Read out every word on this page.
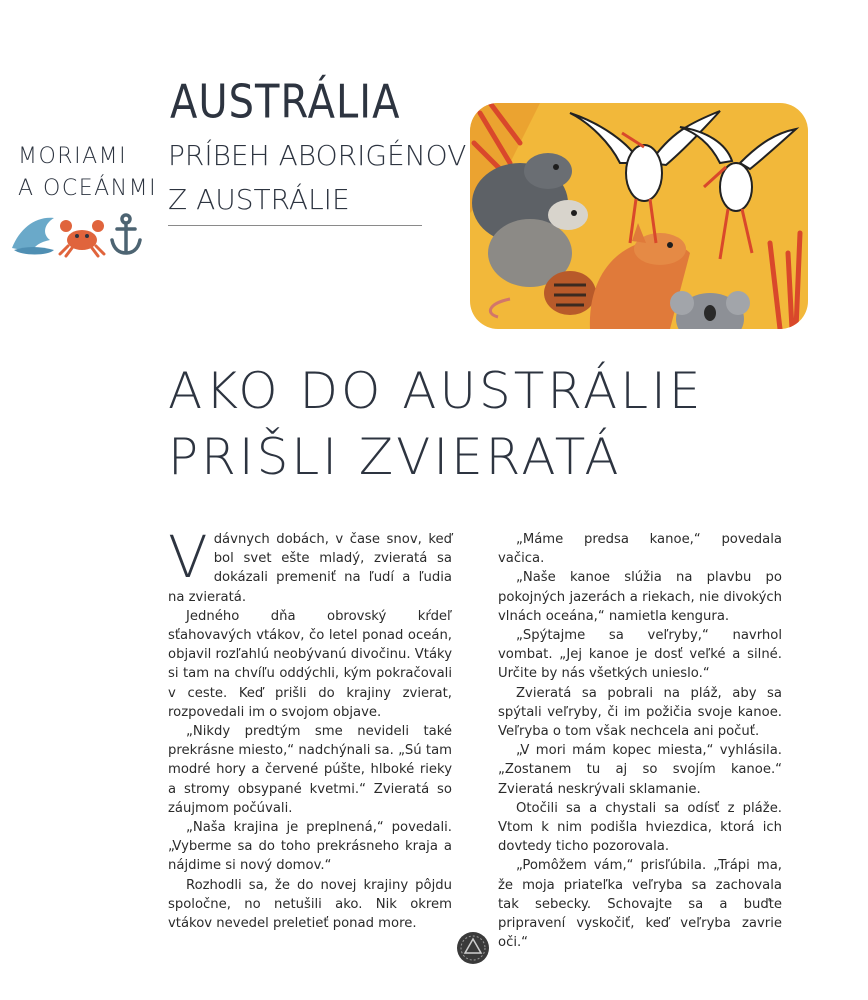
MORIAMI
A OCEÁNMI
AUSTRÁLIA
PRÍBEH ABORIGÉNOV
Z AUSTRÁLIE
AKO DO AUSTRÁLIE
PRIŠLI ZVIERATÁ

Vdávnych dobách, v čase snov, keď bol svet ešte mladý, zvieratá sa dokázali premeniť na ľudí a ľudia na zvieratá.

Jedného dňa obrovský kŕdeľ sťahovavých vtákov, čo letel ponad oceán, objavil rozľahlú neobývanú divočinu. Vtáky si tam na chvíľu oddýchli, kým pokračovali v ceste. Keď prišli do krajiny zvierat, rozpovedali im o svojom objave.

„Nikdy predtým sme nevideli také prekrásne miesto,“ nadchýnali sa. „Sú tam modré hory a červené púšte, hlboké rieky a stromy obsypané kvetmi.“ Zvieratá so záujmom počúvali.

„Naša krajina je preplnená,“ povedali. „Vyberme sa do toho prekrásneho kraja a nájdime si nový domov.“

Rozhodli sa, že do novej krajiny pôjdu spoločne, no netušili ako. Nik okrem vtákov nevedel preletieť ponad more.

„Máme predsa kanoe,“ povedala vačica.

„Naše kanoe slúžia na plavbu po pokojných jazerách a riekach, nie divokých vlnách oceána,“ namietla kengura.

„Spýtajme sa veľryby,“ navrhol vombat. „Jej kanoe je dosť veľké a silné. Určite by nás všetkých unieslo.“

Zvieratá sa pobrali na pláž, aby sa spýtali veľryby, či im požičia svoje kanoe. Veľryba o tom však nechcela ani počuť.

„V mori mám kopec miesta,“ vyhlásila. „Zostanem tu aj so svojím kanoe.“ Zvieratá neskrývali sklamanie.

Otočili sa a chystali sa odísť z pláže. Vtom k nim podišla hviezdica, ktorá ich dovtedy ticho pozorovala.

„Pomôžem vám,“ prisľúbila. „Trápi ma, že moja priateľka veľryba sa zachovala tak sebecky. Schovajte sa a buďte pripravení vyskočiť, keď veľryba zavrie oči.“
